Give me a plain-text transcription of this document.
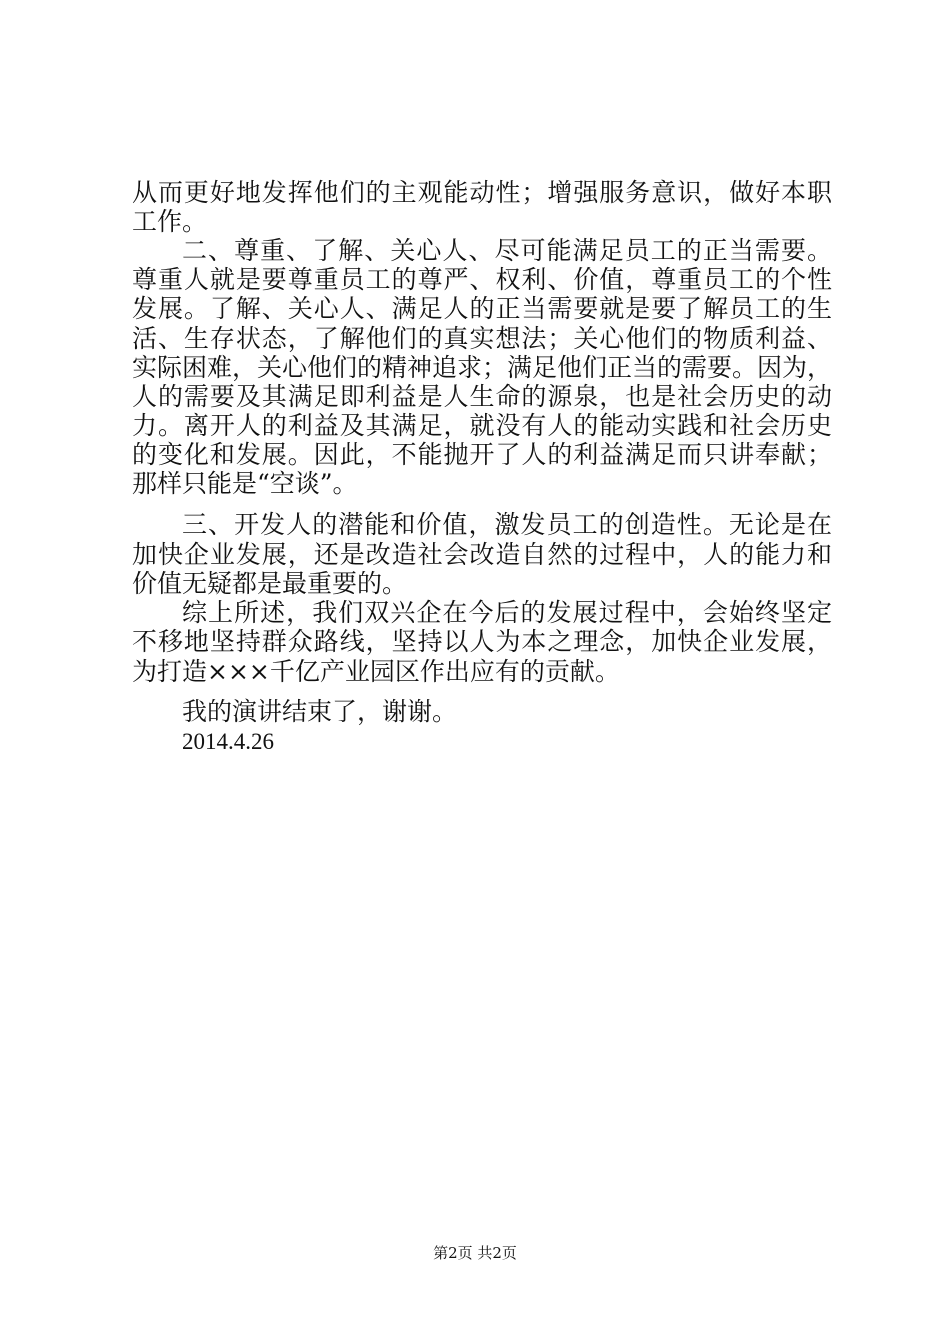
从而更好地发挥他们的主观能动性；增强服务意识，做好本职
工作。
二、尊重、了解、关心人、尽可能满足员工的正当需要。
尊重人就是要尊重员工的尊严、权利、价值，尊重员工的个性
发展。了解、关心人、满足人的正当需要就是要了解员工的生
活、生存状态，了解他们的真实想法；关心他们的物质利益、
实际困难，关心他们的精神追求；满足他们正当的需要。因为，
人的需要及其满足即利益是人生命的源泉，也是社会历史的动
力。离开人的利益及其满足，就没有人的能动实践和社会历史
的变化和发展。因此，不能抛开了人的利益满足而只讲奉献；
那样只能是“空谈”。
三、开发人的潜能和价值，激发员工的创造性。无论是在
加快企业发展，还是改造社会改造自然的过程中，人的能力和
价值无疑都是最重要的。
综上所述，我们双兴企在今后的发展过程中，会始终坚定
不移地坚持群众路线，坚持以人为本之理念，加快企业发展，
为打造×××千亿产业园区作出应有的贡献。
我的演讲结束了，谢谢。
2014.4.26
第2页 共2页
